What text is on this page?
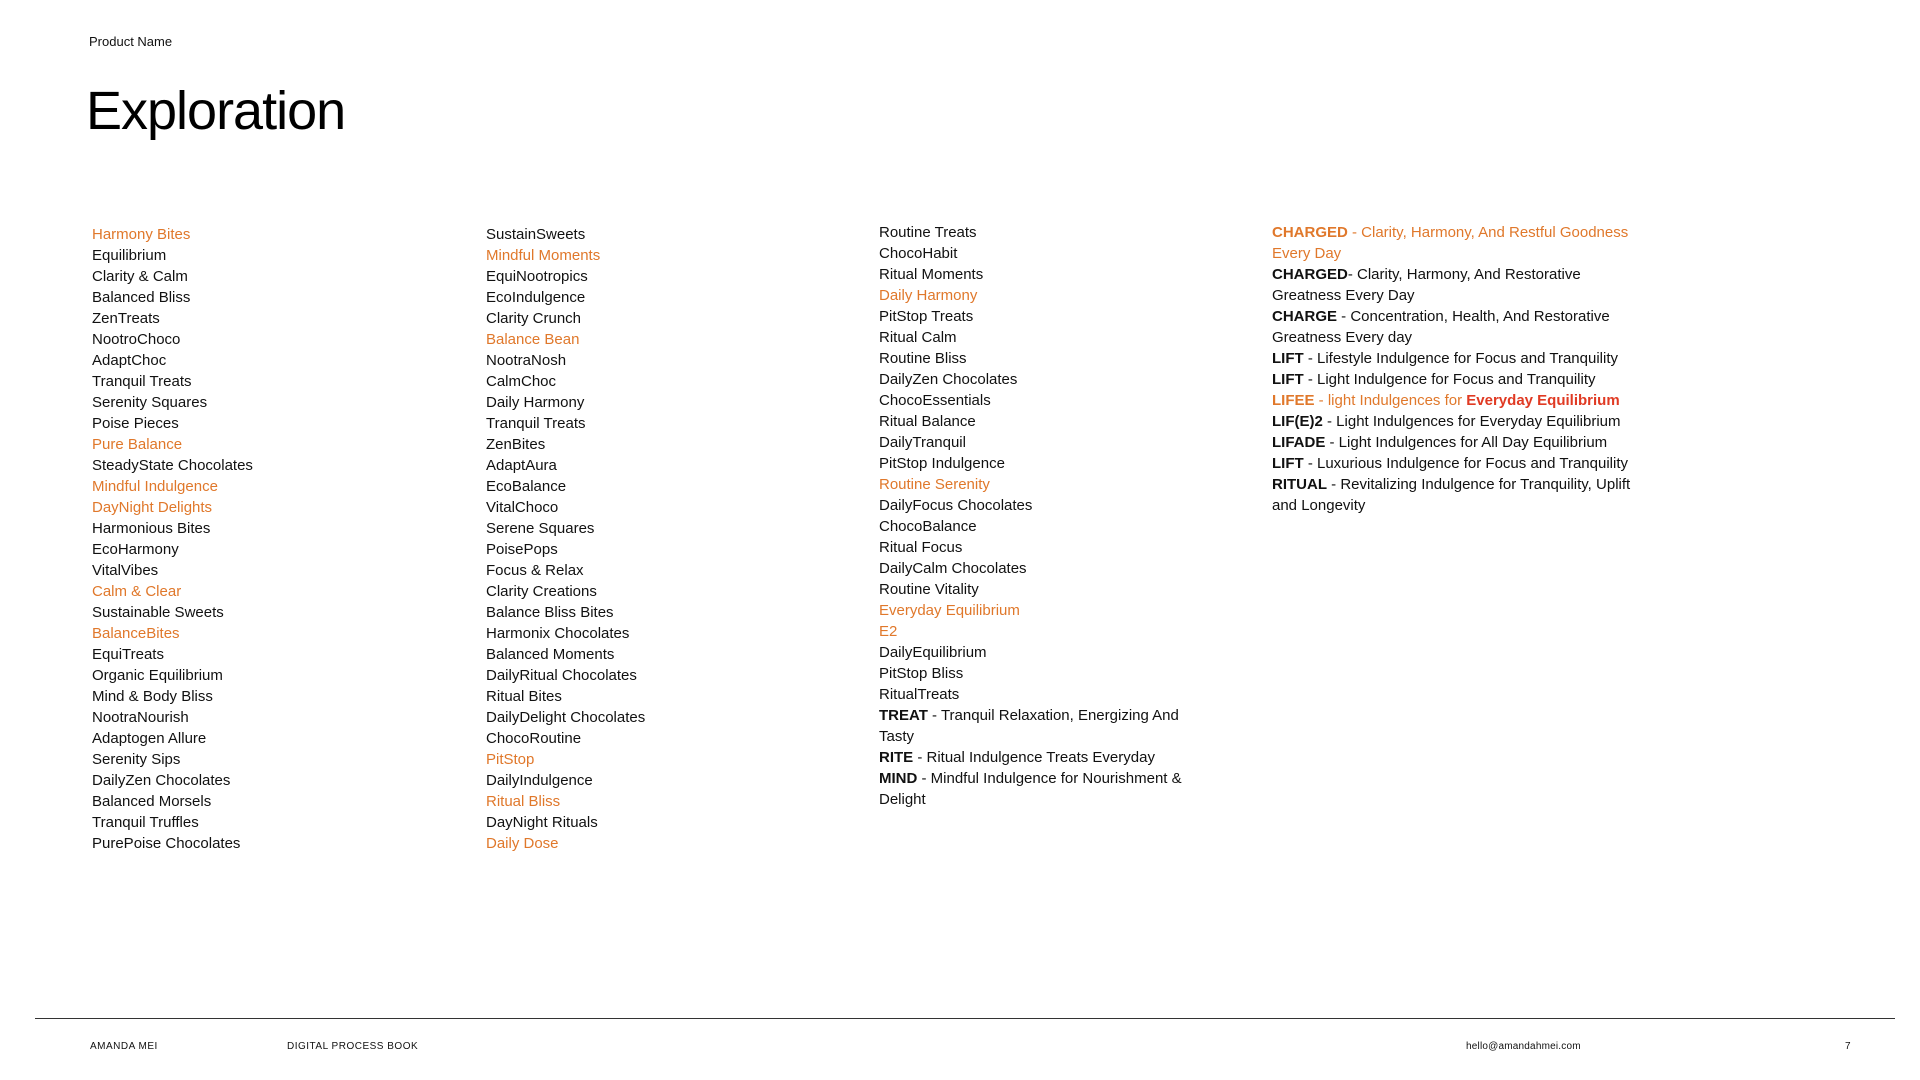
Product Name
Exploration
Harmony Bites
Equilibrium
Clarity & Calm
Balanced Bliss
ZenTreats
NootroChoco
AdaptChoc
Tranquil Treats
Serenity Squares
Poise Pieces
Pure Balance
SteadyState Chocolates
Mindful Indulgence
DayNight Delights
Harmonious Bites
EcoHarmony
VitalVibes
Calm & Clear
Sustainable Sweets
BalanceBites
EquiTreats
Organic Equilibrium
Mind & Body Bliss
NootraNourish
Adaptogen Allure
Serenity Sips
DailyZen Chocolates
Balanced Morsels
Tranquil Truffles
PurePoise Chocolates
SustainSweets
Mindful Moments
EquiNootropics
EcoIndulgence
Clarity Crunch
Balance Bean
NootraNosh
CalmChoc
Daily Harmony
Tranquil Treats
ZenBites
AdaptAura
EcoBalance
VitalChoco
Serene Squares
PoisePops
Focus & Relax
Clarity Creations
Balance Bliss Bites
Harmonix Chocolates
Balanced Moments
DailyRitual Chocolates
Ritual Bites
DailyDelight Chocolates
ChocoRoutine
PitStop
DailyIndulgence
Ritual Bliss
DayNight Rituals
Daily Dose
Routine Treats
ChocoHabit
Ritual Moments
Daily Harmony
PitStop Treats
Ritual Calm
Routine Bliss
DailyZen Chocolates
ChocoEssentials
Ritual Balance
DailyTranquil
PitStop Indulgence
Routine Serenity
DailyFocus Chocolates
ChocoBalance
Ritual Focus
DailyCalm Chocolates
Routine Vitality
Everyday Equilibrium
E2
DailyEquilibrium
PitStop Bliss
RitualTreats
TREAT - Tranquil Relaxation, Energizing And Tasty
RITE - Ritual Indulgence Treats Everyday
MIND - Mindful Indulgence for Nourishment & Delight
CHARGED - Clarity, Harmony, And Restful Goodness Every Day
CHARGED- Clarity, Harmony, And Restorative Greatness Every Day
CHARGE - Concentration, Health, And Restorative Greatness Every day
LIFT - Lifestyle Indulgence for Focus and Tranquility
LIFT - Light Indulgence for Focus and Tranquility
LIFEE - light Indulgences for Everyday Equilibrium
LIF(E)2 - Light Indulgences for Everyday Equilibrium
LIFADE - Light Indulgences for All Day Equilibrium
LIFT - Luxurious Indulgence for Focus and Tranquility
RITUAL - Revitalizing Indulgence for Tranquility, Uplift and Longevity
AMANDA MEI	DIGITAL PROCESS BOOK	hello@amandahmei.com	7
